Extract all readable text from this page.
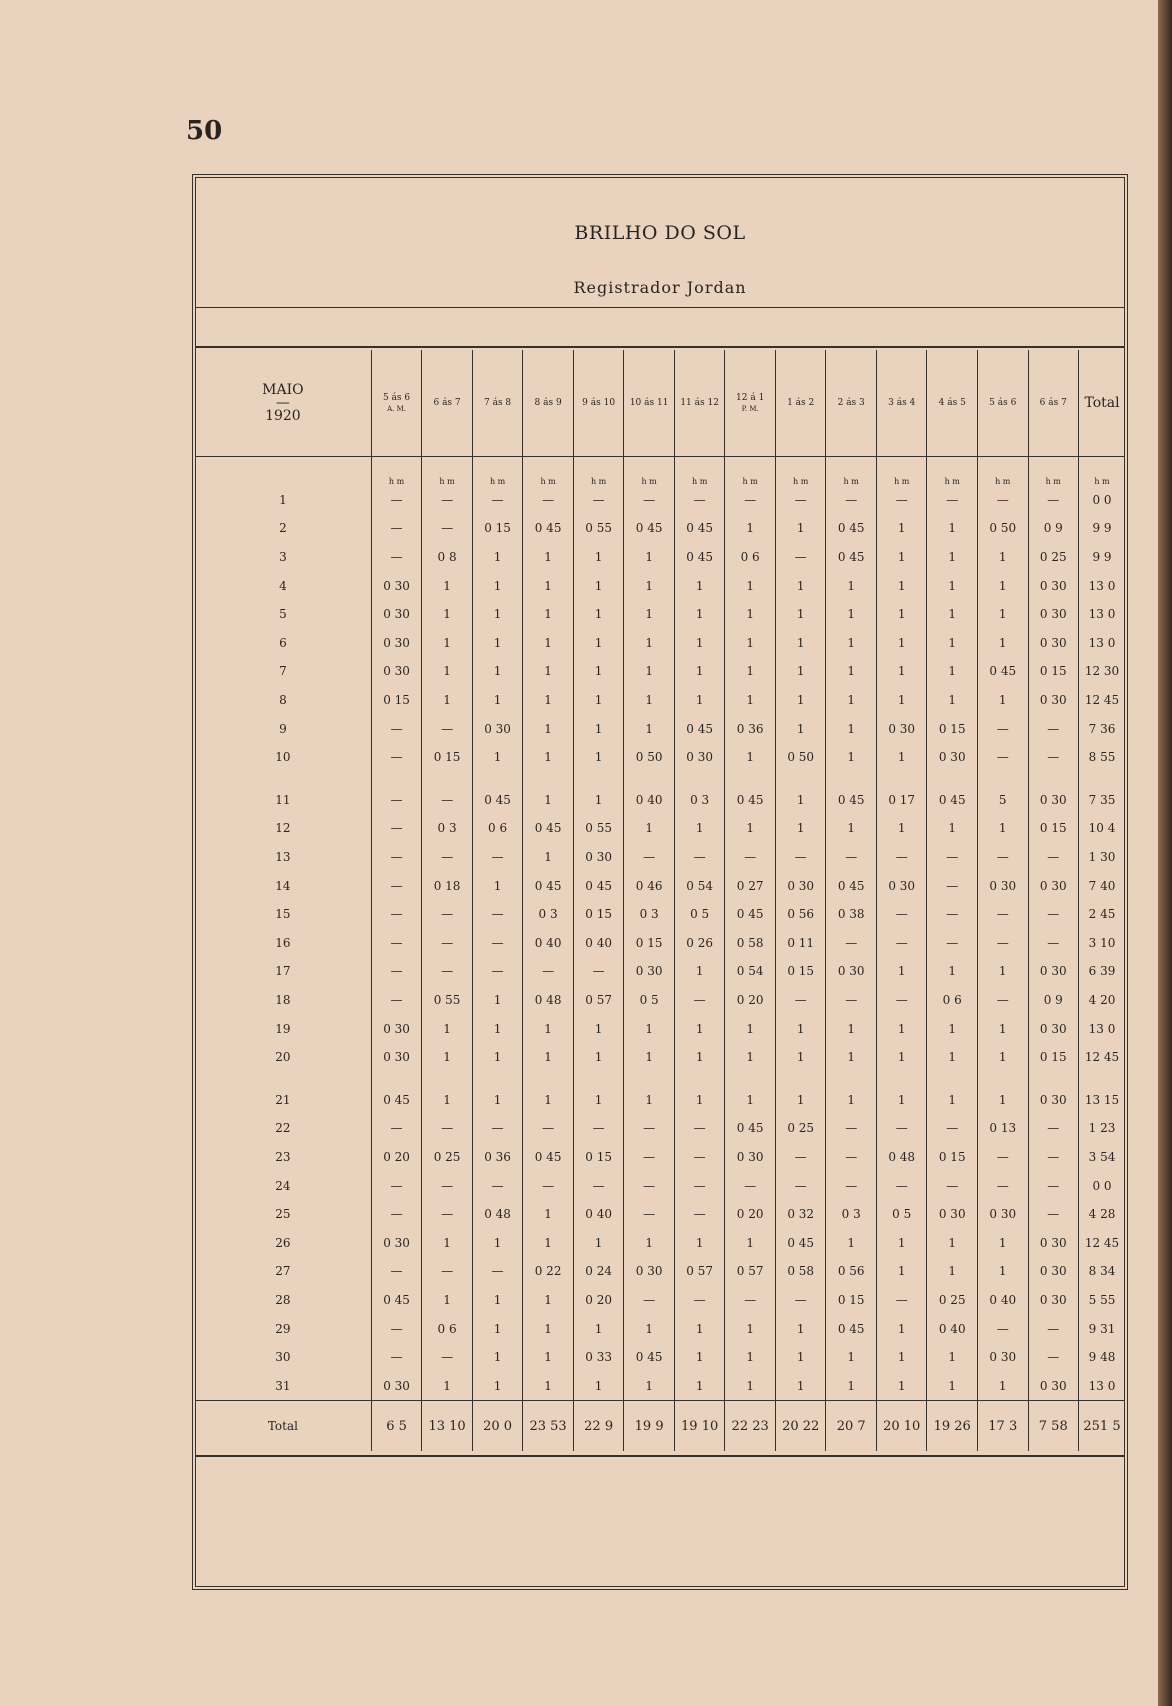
50
BRILHO DO SOL
Registrador Jordan
MAIO
—
1920	5 ás 6
A. M.	6 ás 7	7 ás 8	8 ás 9	9 ás 10	10 ás 11	11 ás 12	12 á 1
P. M.	1 ás 2	2 ás 3	3 ás 4	4 ás 5	5 ás 6	6 ás 7	Total
	h m	h m	h m	h m	h m	h m	h m	h m	h m	h m	h m	h m	h m	h m	h m
1	—	—	—	—	—	—	—	—	—	—	—	—	—	—	0 0
2	—	—	0 15	0 45	0 55	0 45	0 45	1	1	0 45	1	1	0 50	0 9	9 9
3	—	0 8	1	1	1	1	0 45	0 6	—	0 45	1	1	1	0 25	9 9
4	0 30	1	1	1	1	1	1	1	1	1	1	1	1	0 30	13 0
5	0 30	1	1	1	1	1	1	1	1	1	1	1	1	0 30	13 0
6	0 30	1	1	1	1	1	1	1	1	1	1	1	1	0 30	13 0
7	0 30	1	1	1	1	1	1	1	1	1	1	1	0 45	0 15	12 30
8	0 15	1	1	1	1	1	1	1	1	1	1	1	1	0 30	12 45
9	—	—	0 30	1	1	1	0 45	0 36	1	1	0 30	0 15	—	—	7 36
10	—	0 15	1	1	1	0 50	0 30	1	0 50	1	1	0 30	—	—	8 55
11	—	—	0 45	1	1	0 40	0 3	0 45	1	0 45	0 17	0 45	5	0 30	7 35
12	—	0 3	0 6	0 45	0 55	1	1	1	1	1	1	1	1	0 15	10 4
13	—	—	—	1	0 30	—	—	—	—	—	—	—	—	—	1 30
14	—	0 18	1	0 45	0 45	0 46	0 54	0 27	0 30	0 45	0 30	—	0 30	0 30	7 40
15	—	—	—	0 3	0 15	0 3	0 5	0 45	0 56	0 38	—	—	—	—	2 45
16	—	—	—	0 40	0 40	0 15	0 26	0 58	0 11	—	—	—	—	—	3 10
17	—	—	—	—	—	0 30	1	0 54	0 15	0 30	1	1	1	0 30	6 39
18	—	0 55	1	0 48	0 57	0 5	—	0 20	—	—	—	0 6	—	0 9	4 20
19	0 30	1	1	1	1	1	1	1	1	1	1	1	1	0 30	13 0
20	0 30	1	1	1	1	1	1	1	1	1	1	1	1	0 15	12 45
21	0 45	1	1	1	1	1	1	1	1	1	1	1	1	0 30	13 15
22	—	—	—	—	—	—	—	0 45	0 25	—	—	—	0 13	—	1 23
23	0 20	0 25	0 36	0 45	0 15	—	—	0 30	—	—	0 48	0 15	—	—	3 54
24	—	—	—	—	—	—	—	—	—	—	—	—	—	—	0 0
25	—	—	0 48	1	0 40	—	—	0 20	0 32	0 3	0 5	0 30	0 30	—	4 28
26	0 30	1	1	1	1	1	1	1	0 45	1	1	1	1	0 30	12 45
27	—	—	—	0 22	0 24	0 30	0 57	0 57	0 58	0 56	1	1	1	0 30	8 34
28	0 45	1	1	1	0 20	—	—	—	—	0 15	—	0 25	0 40	0 30	5 55
29	—	0 6	1	1	1	1	1	1	1	0 45	1	0 40	—	—	9 31
30	—	—	1	1	0 33	0 45	1	1	1	1	1	1	0 30	—	9 48
31	0 30	1	1	1	1	1	1	1	1	1	1	1	1	0 30	13 0
Total	6 5	13 10	20 0	23 53	22 9	19 9	19 10	22 23	20 22	20 7	20 10	19 26	17 3	7 58	251 5
